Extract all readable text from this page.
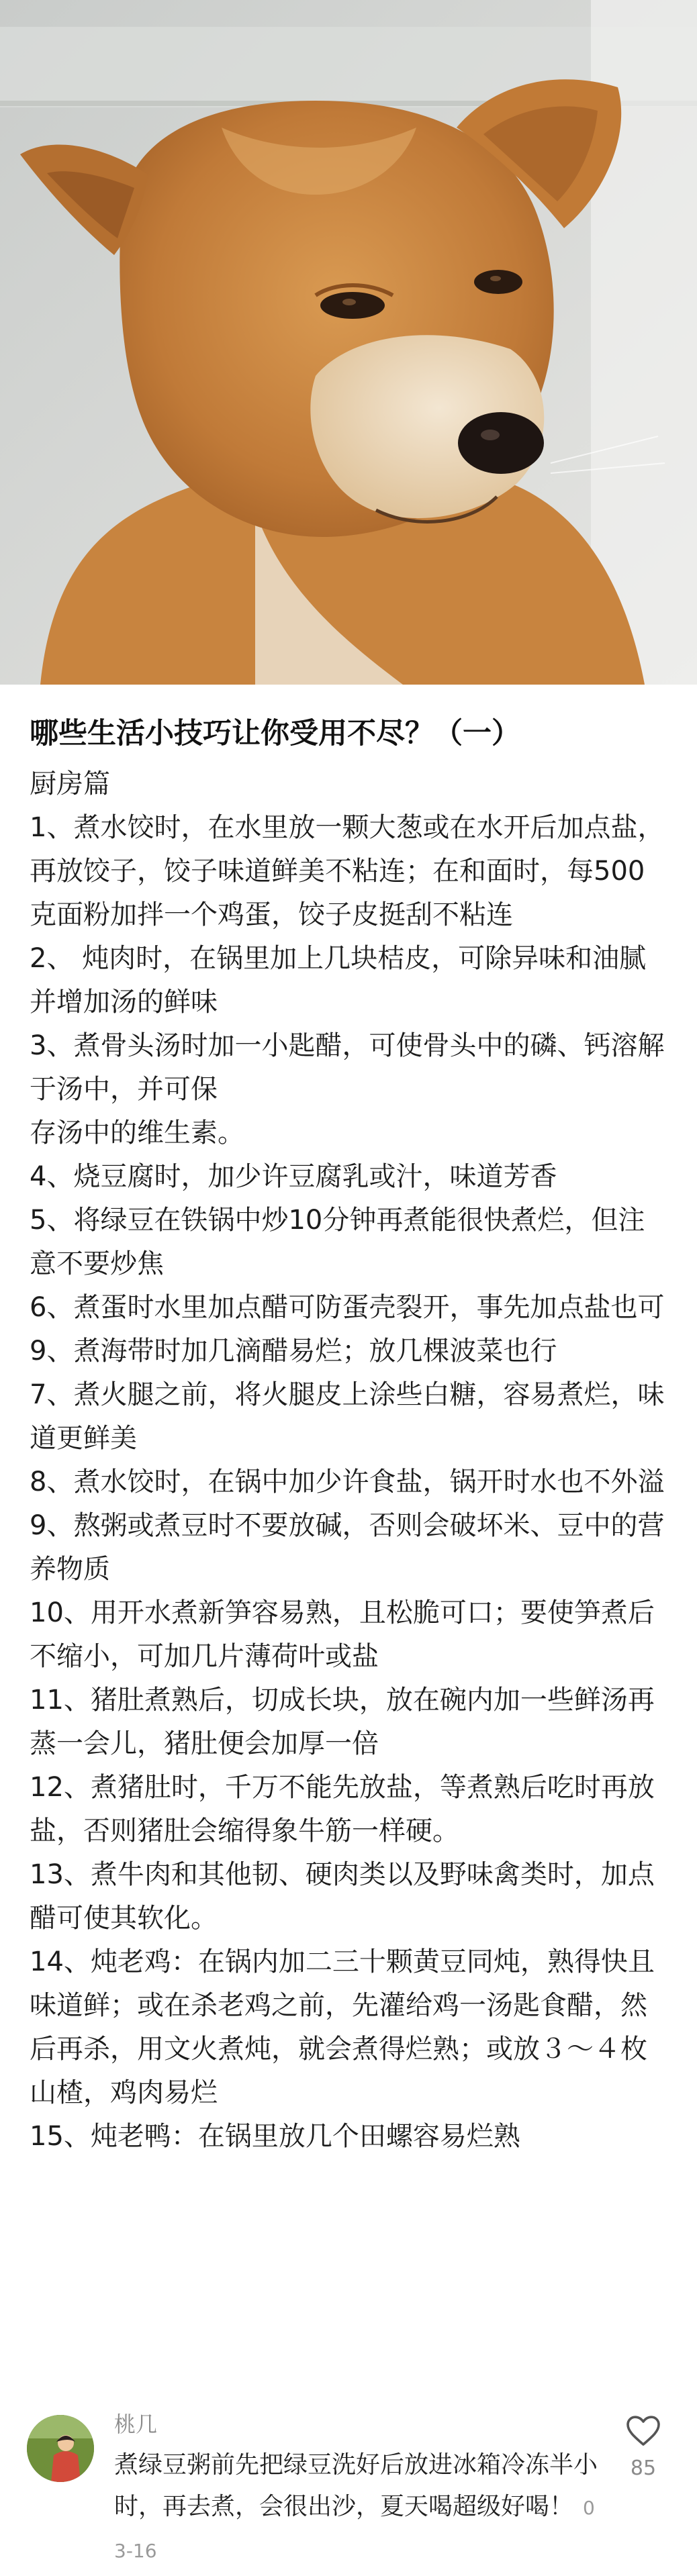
哪些生活小技巧让你受用不尽？（一）

厨房篇

1、煮水饺时，在水里放一颗大葱或在水开后加点盐，再放饺子，饺子味道鲜美不粘连；在和面时，每500克面粉加拌一个鸡蛋，饺子皮挺刮不粘连

2、 炖肉时，在锅里加上几块桔皮，可除异味和油腻并增加汤的鲜味

3、煮骨头汤时加一小匙醋，可使骨头中的磷、钙溶解于汤中，并可保
存汤中的维生素。

4、烧豆腐时，加少许豆腐乳或汁，味道芳香

5、将绿豆在铁锅中炒10分钟再煮能很快煮烂，但注意不要炒焦

6、煮蛋时水里加点醋可防蛋壳裂开，事先加点盐也可

9、煮海带时加几滴醋易烂；放几棵波菜也行

7、煮火腿之前，将火腿皮上涂些白糖，容易煮烂，味道更鲜美

8、煮水饺时，在锅中加少许食盐，锅开时水也不外溢

9、熬粥或煮豆时不要放碱，否则会破坏米、豆中的营养物质

10、用开水煮新笋容易熟，且松脆可口；要使笋煮后不缩小，可加几片薄荷叶或盐

11、猪肚煮熟后，切成长块，放在碗内加一些鲜汤再蒸一会儿，猪肚便会加厚一倍

12、煮猪肚时，千万不能先放盐，等煮熟后吃时再放盐，否则猪肚会缩得象牛筋一样硬。

13、煮牛肉和其他韧、硬肉类以及野味禽类时，加点醋可使其软化。

14、炖老鸡：在锅内加二三十颗黄豆同炖，熟得快且味道鲜；或在杀老鸡之前，先灌给鸡一汤匙食醋，然后再杀，用文火煮炖，就会煮得烂熟；或放３～４枚山楂，鸡肉易烂

15、炖老鸭：在锅里放几个田螺容易烂熟

桃几
煮绿豆粥前先把绿豆洗好后放进冰箱冷冻半小时，再去煮，会很出沙，夏天喝超级好喝！ 03-16
85
